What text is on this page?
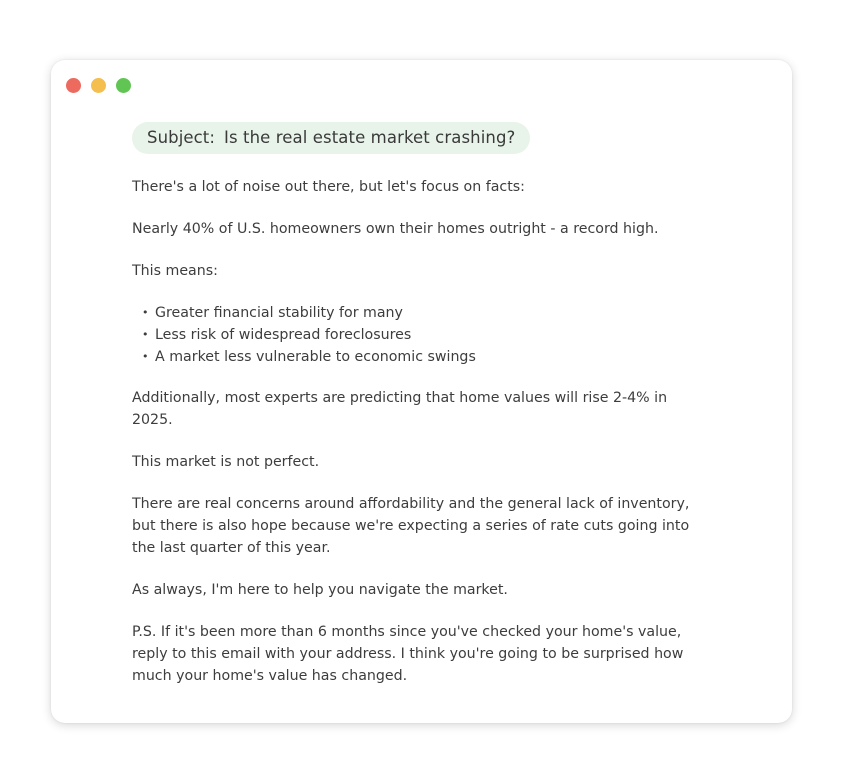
Subject: Is the real estate market crashing?

There's a lot of noise out there, but let's focus on facts:

Nearly 40% of U.S. homeowners own their homes outright - a record high.

This means:

• Greater financial stability for many
• Less risk of widespread foreclosures
• A market less vulnerable to economic swings

Additionally, most experts are predicting that home values will rise 2-4% in 2025.

This market is not perfect.

There are real concerns around affordability and the general lack of inventory, but there is also hope because we're expecting a series of rate cuts going into the last quarter of this year.

As always, I'm here to help you navigate the market.

P.S. If it's been more than 6 months since you've checked your home's value, reply to this email with your address. I think you're going to be surprised how much your home's value has changed.
